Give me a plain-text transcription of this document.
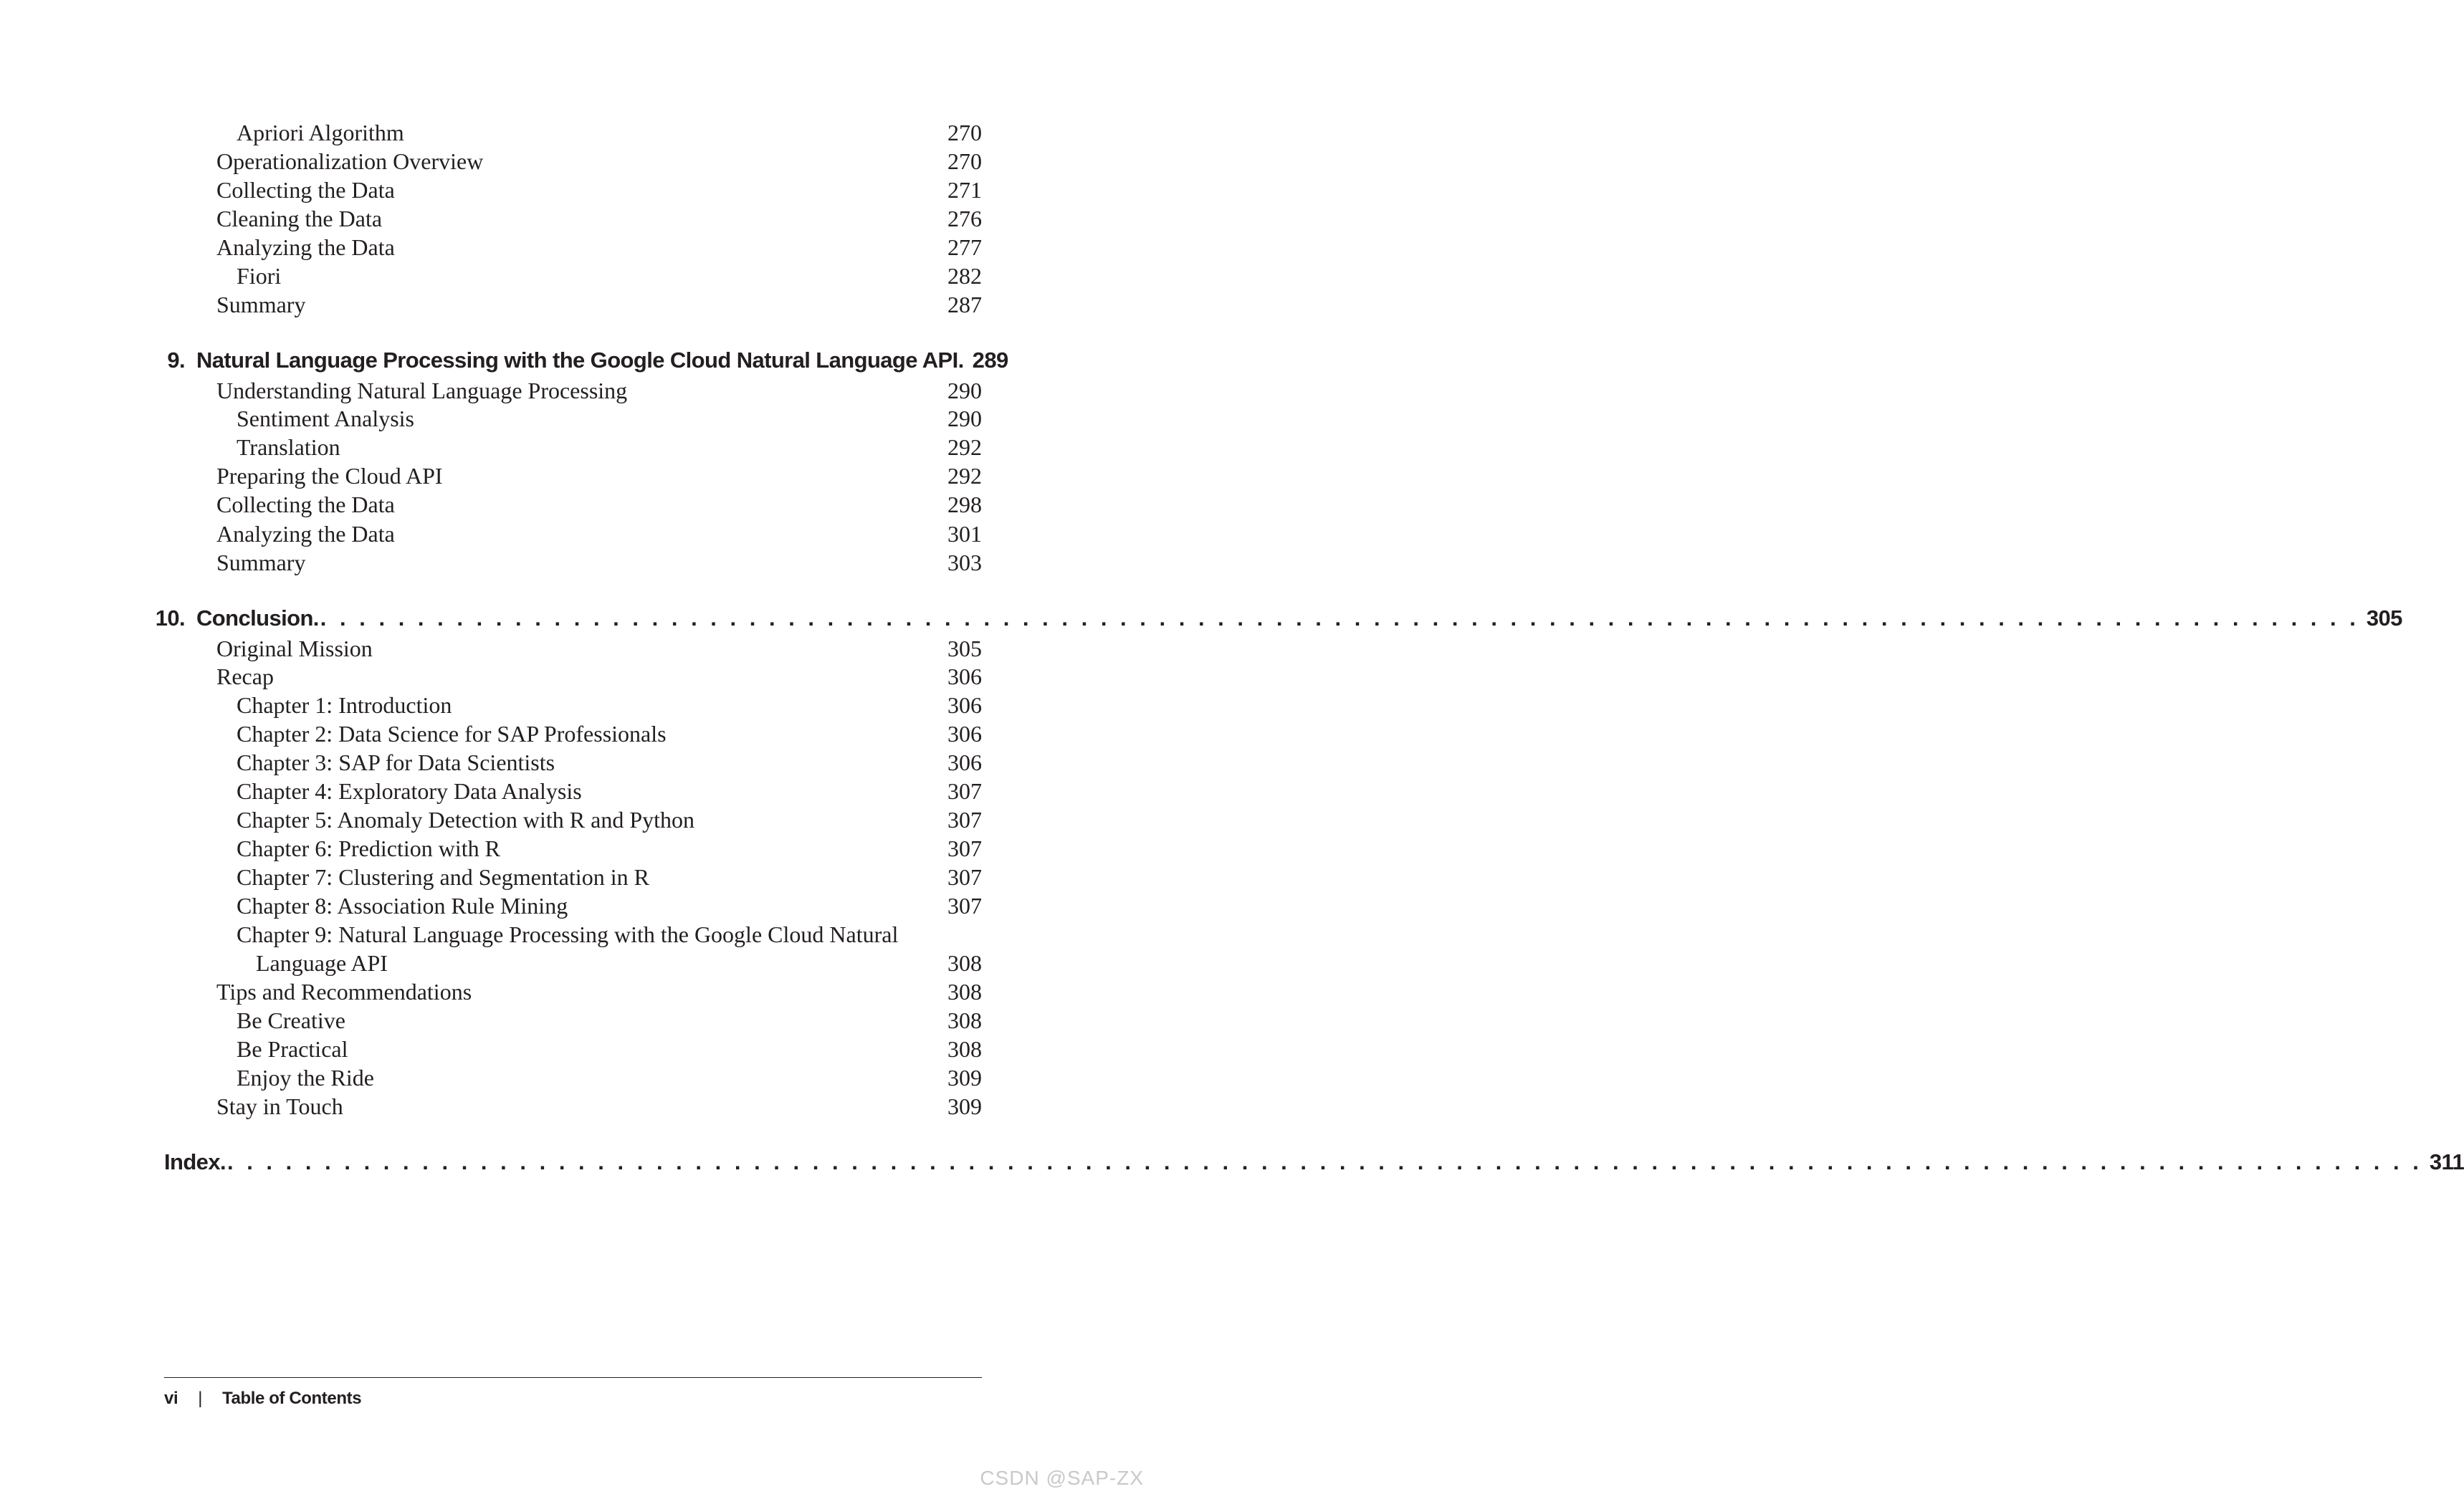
Apriori Algorithm	270
Operationalization Overview	270
Collecting the Data	271
Cleaning the Data	276
Analyzing the Data	277
Fiori	282
Summary	287
9. Natural Language Processing with the Google Cloud Natural Language API. 289
Understanding Natural Language Processing	290
Sentiment Analysis	290
Translation	292
Preparing the Cloud API	292
Collecting the Data	298
Analyzing the Data	301
Summary	303
10. Conclusion. . . . . . . . . . . . . . . . . . . . . . . . . . . . . . . . . . . . . . . . . . . . . . . . . . . . . . . . . . . . . . . . . . . . . . . . . . . . . . . . . . . . . . . . . . . . . . . . . . . . . . . . . . 305
Original Mission	305
Recap	306
Chapter 1: Introduction	306
Chapter 2: Data Science for SAP Professionals	306
Chapter 3: SAP for Data Scientists	306
Chapter 4: Exploratory Data Analysis	307
Chapter 5: Anomaly Detection with R and Python	307
Chapter 6: Prediction with R	307
Chapter 7: Clustering and Segmentation in R	307
Chapter 8: Association Rule Mining	307
Chapter 9: Natural Language Processing with the Google Cloud Natural
Language API	308
Tips and Recommendations	308
Be Creative	308
Be Practical	308
Enjoy the Ride	309
Stay in Touch	309
Index. . . . . . . . . . . . . . . . . . . . . . . . . . . . . . . . . . . . . . . . . . . . . . . . . . . . . . . . . . . . . . . . . . . . . . . . . . . . . . . . . . . . . . . . . . . . . . . . . . . . . . . . . . . . . . . . . . 311
vi | Table of Contents
CSDN @SAP-ZX
